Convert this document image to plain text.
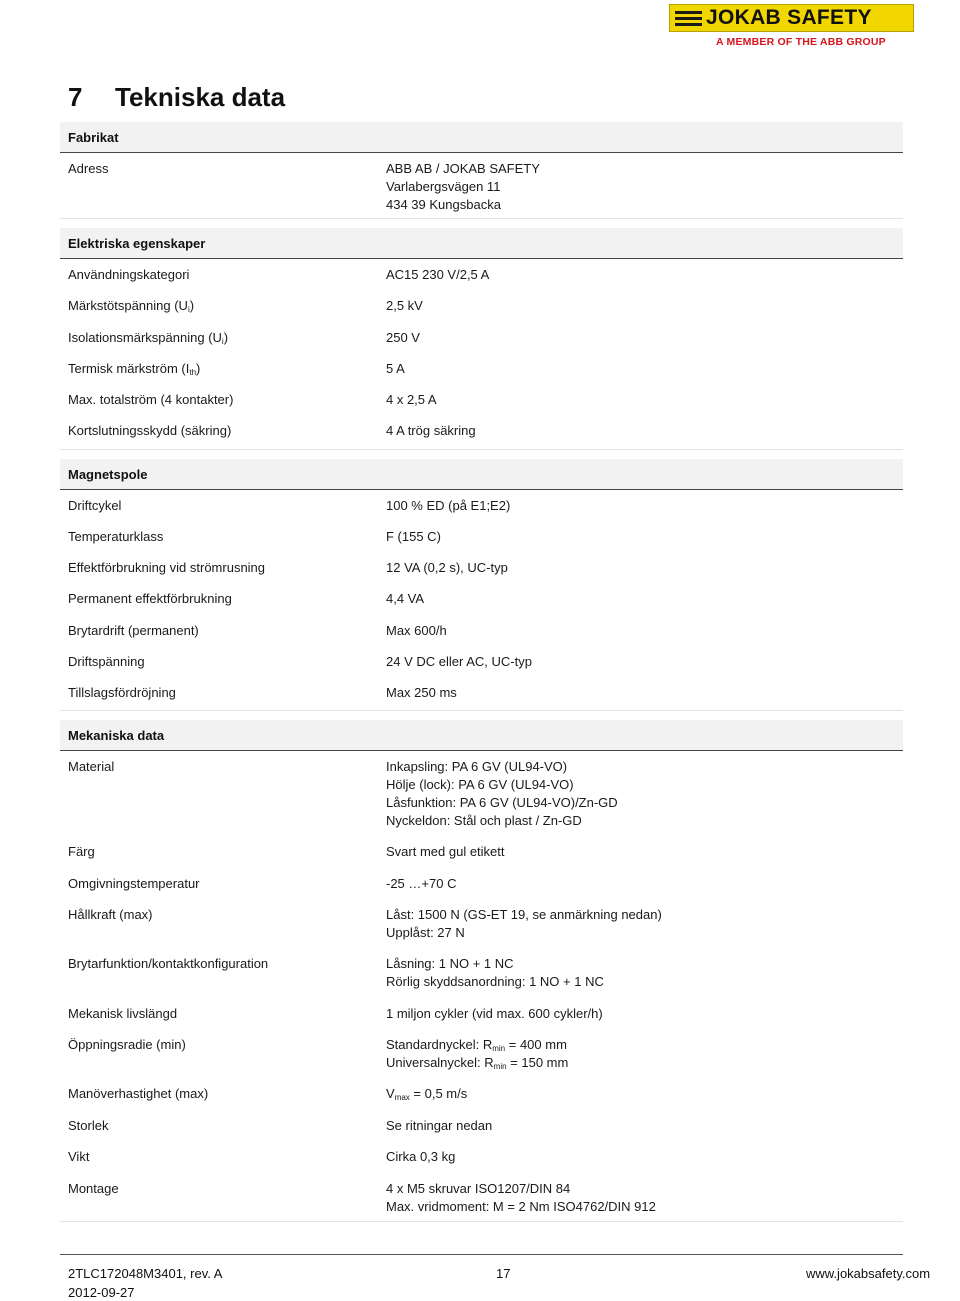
JOKAB SAFETY
A MEMBER OF THE ABB GROUP
7 Tekniska data
Fabrikat
Adress	ABB AB / JOKAB SAFETY
Varlabergsvägen 11
434 39 Kungsbacka
Elektriska egenskaper
Användningskategori	AC15 230 V/2,5 A
Märkstötspänning $(U_i)$	2,5 kV
Isolationsmärkspänning $(U_i)$	250 V
Termisk märkström $(I_{th})$	5 A
Max. totalström (4 kontakter)	4 x 2,5 A
Kortslutningsskydd (säkring)	4 A trög säkring
Magnetspole
Driftcykel	100 % ED (på E1;E2)
Temperaturklass	F (155 C)
Effektförbrukning vid strömrusning	12 VA (0,2 s), UC-typ
Permanent effektförbrukning	4,4 VA
Brytardrift (permanent)	Max 600/h
Driftspänning	24 V DC eller AC, UC-typ
Tillslagsfördröjning	Max 250 ms
Mekaniska data
Material	Inkapsling: PA 6 GV (UL94-VO)
Hölje (lock): PA 6 GV (UL94-VO)
Låsfunktion: PA 6 GV (UL94-VO)/Zn-GD
Nyckeldon: Stål och plast / Zn-GD
Färg	Svart med gul etikett
Omgivningstemperatur	-25 …+70 C
Hållkraft (max)	Låst: 1500 N (GS-ET 19, se anmärkning nedan)
Upplåst: 27 N
Brytarfunktion/kontaktkonfiguration	Låsning: 1 NO + 1 NC
Rörlig skyddsanordning: 1 NO + 1 NC
Mekanisk livslängd	1 miljon cykler (vid max. 600 cykler/h)
Öppningsradie (min)	Standardnyckel: $R_{min} = 400$ mm
Universalnyckel: $R_{min} = 150$ mm
Manöverhastighet (max)	$V_{max} = 0,5$ m/s
Storlek	Se ritningar nedan
Vikt	Cirka 0,3 kg
Montage	4 x M5 skruvar ISO1207/DIN 84
Max. vridmoment: M = 2 Nm ISO4762/DIN 912
2TLC172048M3401, rev. A
2012-09-27
17	www.jokabsafety.com
